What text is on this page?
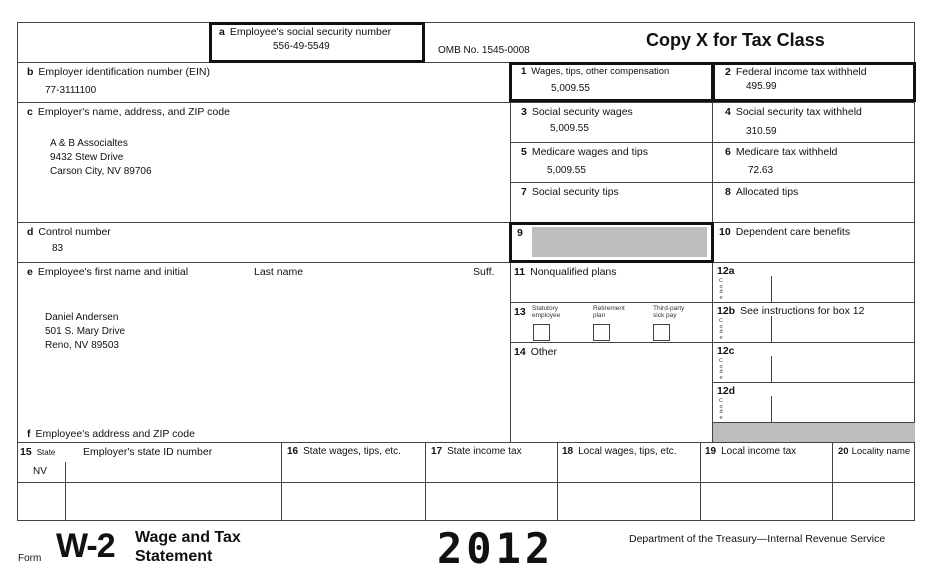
a Employee's social security number
556-49-5549	OMB No. 1545-0008
Copy X for Tax Class
b Employer identification number (EIN)
77-3111100
c Employer's name, address, and ZIP code
A & B Associaltes
9432 Stew Drive
Carson City, NV 89706
d Control number
83
e Employee's first name and initial	Last name	Suff.
Daniel Andersen
501 S. Mary Drive
Reno, NV 89503
f Employee's address and ZIP code
1 Wages, tips, other compensation
5,009.55
2 Federal income tax withheld
495.99
3 Social security wages
5,009.55
4 Social security tax withheld
310.59
5 Medicare wages and tips
5,009.55
6 Medicare tax withheld
72.63
7 Social security tips	8 Allocated tips
9	10 Dependent care benefits
11 Nonqualified plans
13 Statutory employee
Retirement plan
Third-party sick pay
14 Other
12a
Code
12b See instructions for box 12
Code
12c
Code
12d
Code
15 State	Employer's state ID number
NV
16 State wages, tips, etc.	17 State income tax	18 Local wages, tips, etc.	19 Local income tax	20 Locality name
Form W-2 Wage and Tax
Statement	2012	Department of the Treasury—Internal Revenue Service
